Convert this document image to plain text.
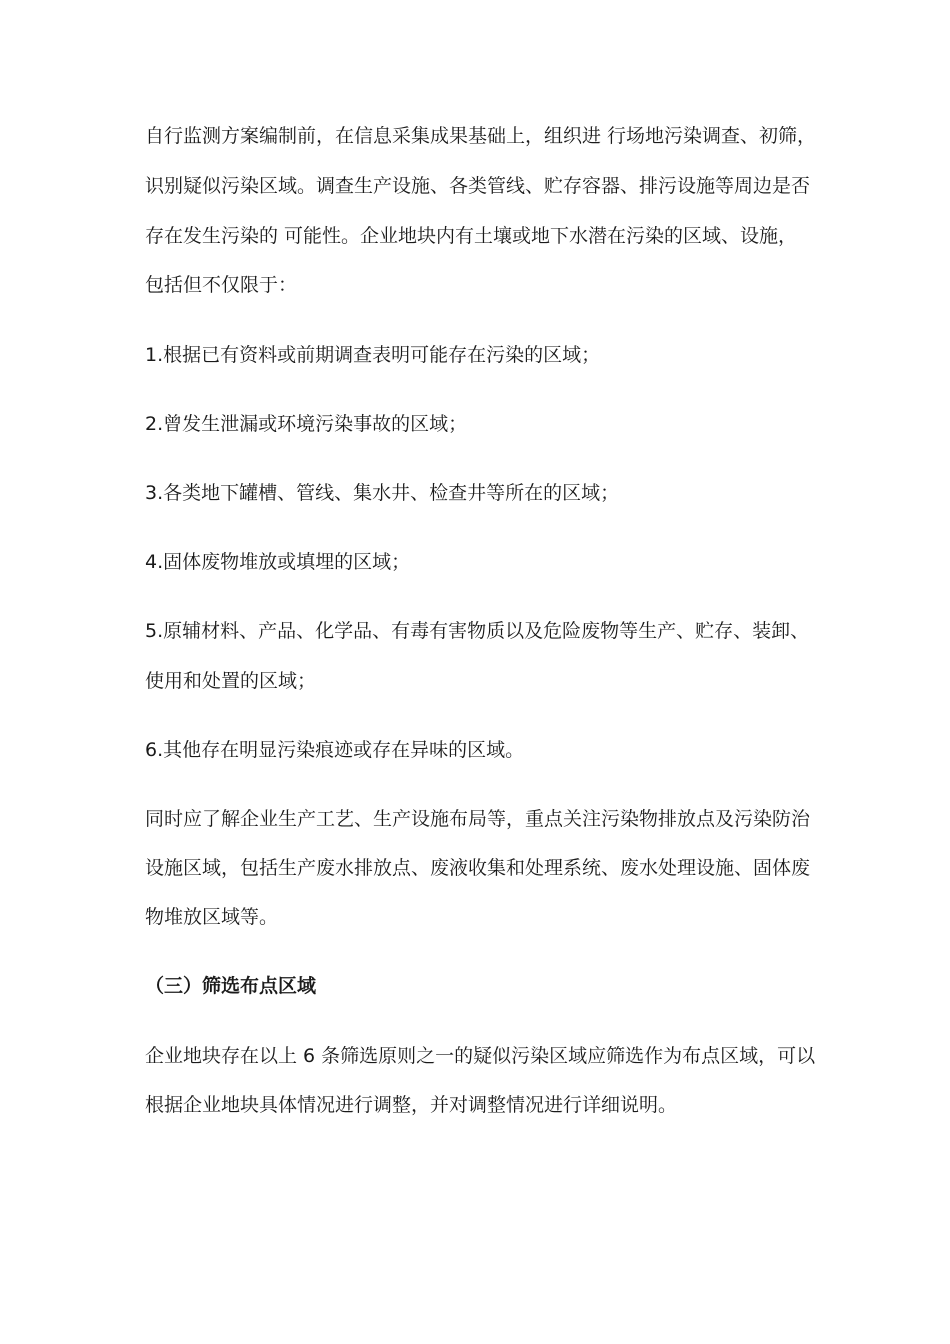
自行监测方案编制前，在信息采集成果基础上，组织进 行场地污染调查、初筛，
识别疑似污染区域。调查生产设施、各类管线、贮存容器、排污设施等周边是否
存在发生污染的 可能性。企业地块内有土壤或地下水潜在污染的区域、设施，
包括但不仅限于：
1.根据已有资料或前期调查表明可能存在污染的区域；
2.曾发生泄漏或环境污染事故的区域；
3.各类地下罐槽、管线、集水井、检查井等所在的区域；
4.固体废物堆放或填埋的区域；
5.原辅材料、产品、化学品、有毒有害物质以及危险废物等生产、贮存、装卸、
使用和处置的区域；
6.其他存在明显污染痕迹或存在异味的区域。
同时应了解企业生产工艺、生产设施布局等，重点关注污染物排放点及污染防治
设施区域，包括生产废水排放点、废液收集和处理系统、废水处理设施、固体废
物堆放区域等。
（三）筛选布点区域
企业地块存在以上 6 条筛选原则之一的疑似污染区域应筛选作为布点区域，可以
根据企业地块具体情况进行调整，并对调整情况进行详细说明。
